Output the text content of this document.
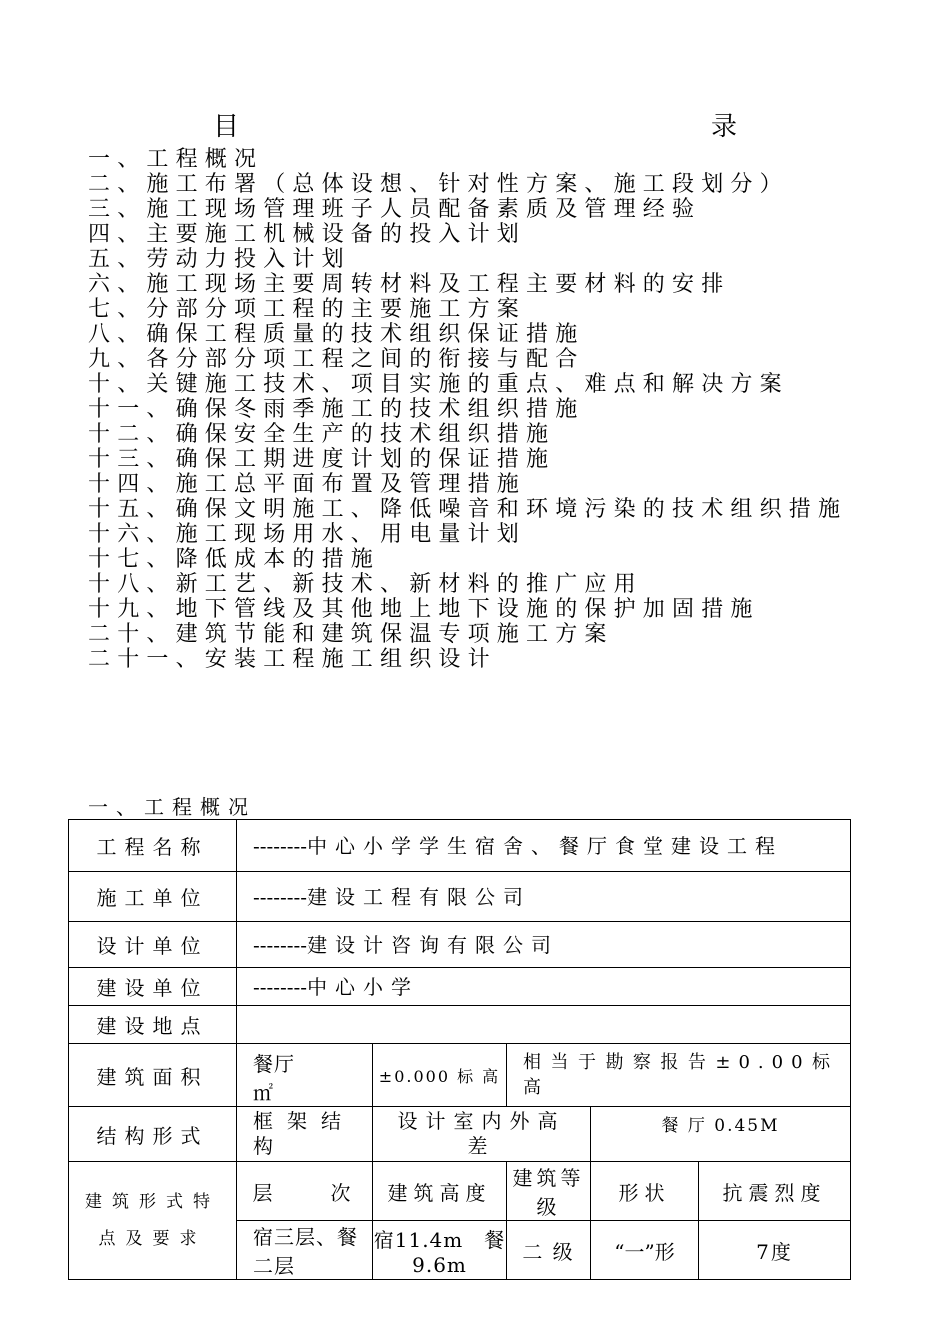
目　　录
一、工程概况
二、施工布署（总体设想、针对性方案、施工段划分）
三、施工现场管理班子人员配备素质及管理经验
四、主要施工机械设备的投入计划
五、劳动力投入计划
六、施工现场主要周转材料及工程主要材料的安排
七、分部分项工程的主要施工方案
八、确保工程质量的技术组织保证措施
九、各分部分项工程之间的衔接与配合
十、关键施工技术、项目实施的重点、难点和解决方案
十一、确保冬雨季施工的技术组织措施
十二、确保安全生产的技术组织措施
十三、确保工期进度计划的保证措施
十四、施工总平面布置及管理措施
十五、确保文明施工、降低噪音和环境污染的技术组织措施
十六、施工现场用水、用电量计划
十七、降低成本的措施
十八、新工艺、新技术、新材料的推广应用
十九、地下管线及其他地上地下设施的保护加固措施
二十、建筑节能和建筑保温专项施工方案
二十一、安装工程施工组织设计
一、工程概况
工程名称	--------中心小学学生宿舍、餐厅食堂建设工程				
施工单位	--------建设工程有限公司				
设计单位	--------建设计咨询有限公司				
建设单位	--------中心小学				
建设地点					
建筑面积	餐厅　　　㎡	±0.000 标 高	相当于勘察报告±0.00标高		
结构形式	框架结构	设计室内外高差		餐 厅 0.45M	

建筑形式特
点及要求	层　　次	建筑高度	建筑等级	形状	抗震烈度
	宿三层、餐二层	宿11.4m　餐9.6m	二 级	“一”形	7度
